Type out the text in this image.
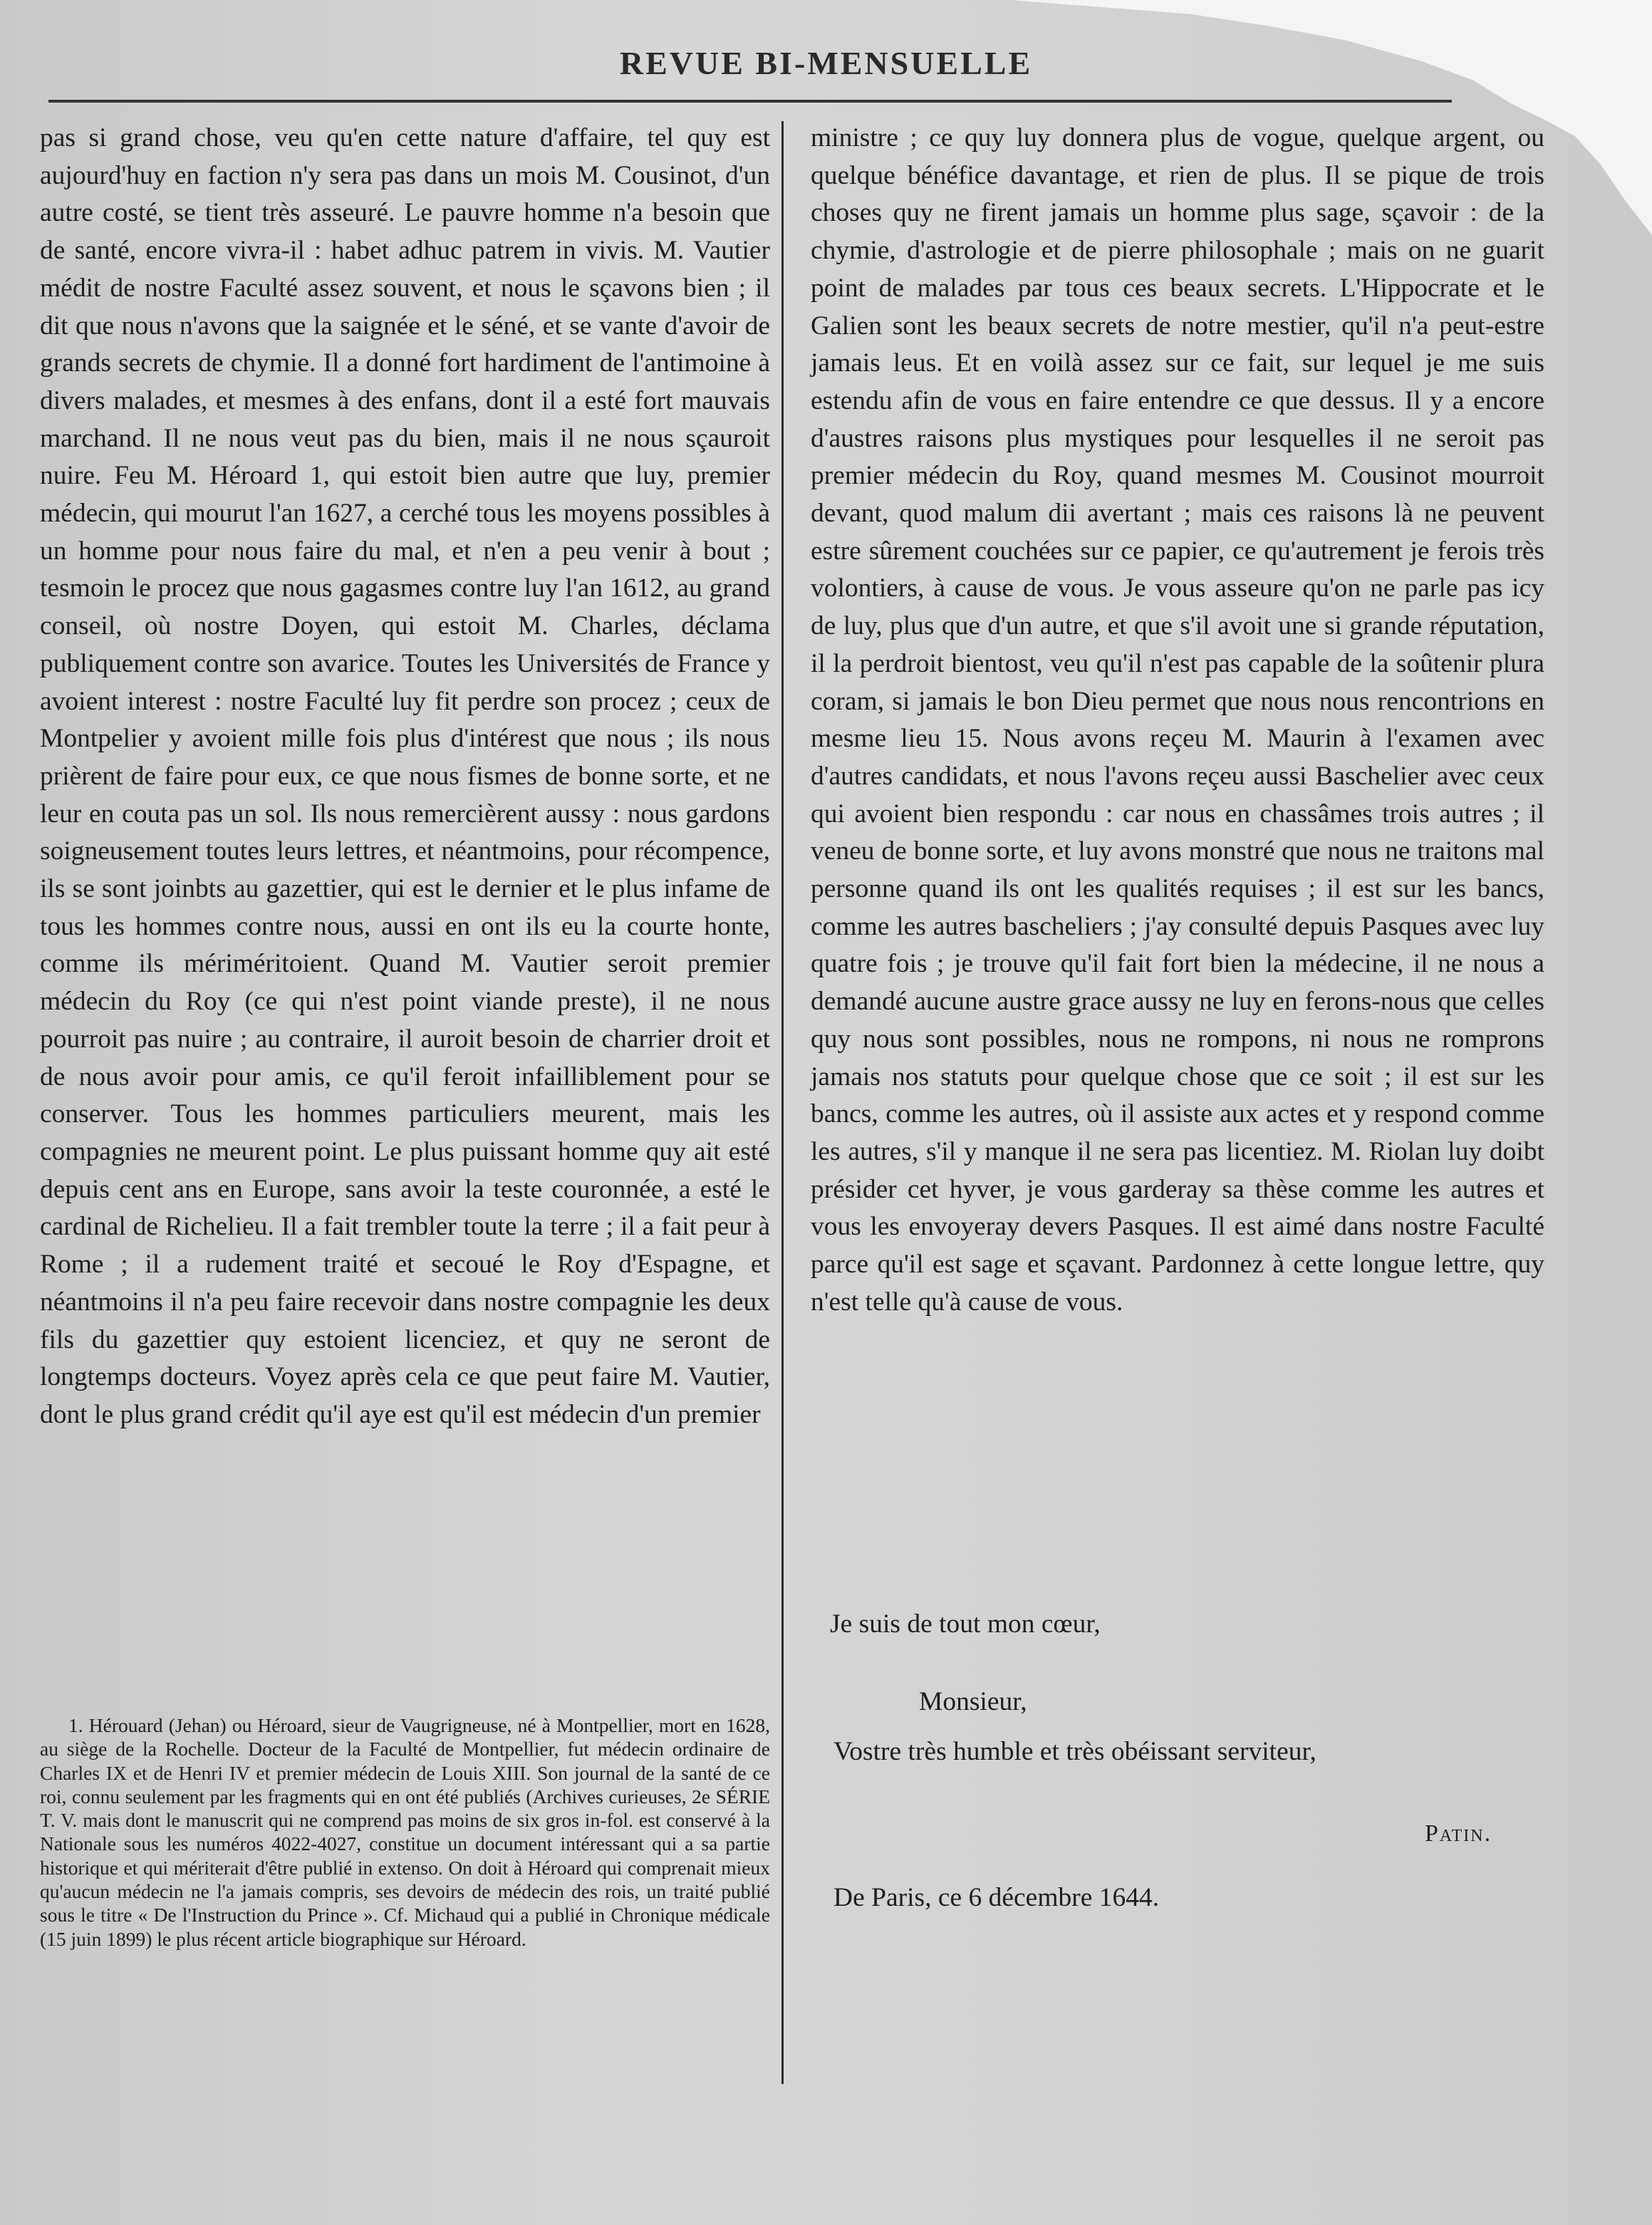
REVUE BI-MENSUELLE

pas si grand chose, veu qu'en cette nature d'affaire, tel quy est aujourd'huy en faction n'y sera pas dans un mois M. Cousinot, d'un autre costé, se tient très asseuré. Le pauvre homme n'a besoin que de santé, encore vivra-il : habet adhuc patrem in vivis. M. Vautier médit de nostre Faculté assez souvent, et nous le sçavons bien ; il dit que nous n'avons que la saignée et le séné, et se vante d'avoir de grands secrets de chymie. Il a donné fort hardiment de l'antimoine à divers malades, et mesmes à des enfans, dont il a esté fort mauvais marchand. Il ne nous veut pas du bien, mais il ne nous sçauroit nuire. Feu M. Héroard 1, qui estoit bien autre que luy, premier médecin, qui mourut l'an 1627, a cerché tous les moyens possibles à un homme pour nous faire du mal, et n'en a peu venir à bout ; tesmoin le procez que nous gagasmes contre luy l'an 1612, au grand conseil, où nostre Doyen, qui estoit M. Charles, déclama publiquement contre son avarice. Toutes les Universités de France y avoient interest : nostre Faculté luy fit perdre son procez ; ceux de Montpelier y avoient mille fois plus d'intérest que nous ; ils nous prièrent de faire pour eux, ce que nous fismes de bonne sorte, et ne leur en couta pas un sol. Ils nous remercièrent aussy : nous gardons soigneusement toutes leurs lettres, et néantmoins, pour récompence, ils se sont joinbts au gazettier, qui est le dernier et le plus infame de tous les hommes contre nous, aussi en ont ils eu la courte honte, comme ils mériméritoient. Quand M. Vautier seroit premier médecin du Roy (ce qui n'est point viande preste), il ne nous pourroit pas nuire ; au contraire, il auroit besoin de charrier droit et de nous avoir pour amis, ce qu'il feroit infailliblement pour se conserver. Tous les hommes particuliers meurent, mais les compagnies ne meurent point. Le plus puissant homme quy ait esté depuis cent ans en Europe, sans avoir la teste couronnée, a esté le cardinal de Richelieu. Il a fait trembler toute la terre ; il a fait peur à Rome ; il a rudement traité et secoué le Roy d'Espagne, et néantmoins il n'a peu faire recevoir dans nostre compagnie les deux fils du gazettier quy estoient licenciez, et quy ne seront de longtemps docteurs. Voyez après cela ce que peut faire M. Vautier, dont le plus grand crédit qu'il aye est qu'il est médecin d'un premier

1. Hérouard (Jehan) ou Héroard, sieur de Vaugrigneuse, né à Montpellier, mort en 1628, au siège de la Rochelle. Docteur de la Faculté de Montpellier, fut médecin ordinaire de Charles IX et de Henri IV et premier médecin de Louis XIII. Son journal de la santé de ce roi, connu seulement par les fragments qui en ont été publiés (Archives curieuses, 2e SÉRIE T. V. mais dont le manuscrit qui ne comprend pas moins de six gros in-fol. est conservé à la Nationale sous les numéros 4022-4027, constitue un document intéressant qui a sa partie historique et qui mériterait d'être publié in extenso. On doit à Héroard qui comprenait mieux qu'aucun médecin ne l'a jamais compris, ses devoirs de médecin des rois, un traité publié sous le titre « De l'Instruction du Prince ». Cf. Michaud qui a publié in Chronique médicale (15 juin 1899) le plus récent article biographique sur Héroard.

ministre ; ce quy luy donnera plus de vogue, quelque argent, ou quelque bénéfice davantage, et rien de plus. Il se pique de trois choses quy ne firent jamais un homme plus sage, sçavoir : de la chymie, d'astrologie et de pierre philosophale ; mais on ne guarit point de malades par tous ces beaux secrets. L'Hippocrate et le Galien sont les beaux secrets de notre mestier, qu'il n'a peut-estre jamais leus. Et en voilà assez sur ce fait, sur lequel je me suis estendu afin de vous en faire entendre ce que dessus. Il y a encore d'austres raisons plus mystiques pour lesquelles il ne seroit pas premier médecin du Roy, quand mesmes M. Cousinot mourroit devant, quod malum dii avertant ; mais ces raisons là ne peuvent estre sûrement couchées sur ce papier, ce qu'autrement je ferois très volontiers, à cause de vous. Je vous asseure qu'on ne parle pas icy de luy, plus que d'un autre, et que s'il avoit une si grande réputation, il la perdroit bientost, veu qu'il n'est pas capable de la soûtenir plura coram, si jamais le bon Dieu permet que nous nous rencontrions en mesme lieu 15. Nous avons reçeu M. Maurin à l'examen avec d'autres candidats, et nous l'avons reçeu aussi Baschelier avec ceux qui avoient bien respondu : car nous en chassâmes trois autres ; il veneu de bonne sorte, et luy avons monstré que nous ne traitons mal personne quand ils ont les qualités requises ; il est sur les bancs, comme les autres bascheliers ; j'ay consulté depuis Pasques avec luy quatre fois ; je trouve qu'il fait fort bien la médecine, il ne nous a demandé aucune austre grace aussy ne luy en ferons-nous que celles quy nous sont possibles, nous ne rompons, ni nous ne romprons jamais nos statuts pour quelque chose que ce soit ; il est sur les bancs, comme les autres, où il assiste aux actes et y respond comme les autres, s'il y manque il ne sera pas licentiez. M. Riolan luy doibt présider cet hyver, je vous garderay sa thèse comme les autres et vous les envoyeray devers Pasques. Il est aimé dans nostre Faculté parce qu'il est sage et sçavant. Pardonnez à cette longue lettre, quy n'est telle qu'à cause de vous.

Je suis de tout mon cœur,
Monsieur,
Vostre très humble et très obéissant serviteur,
Patin.
De Paris, ce 6 décembre 1644.
